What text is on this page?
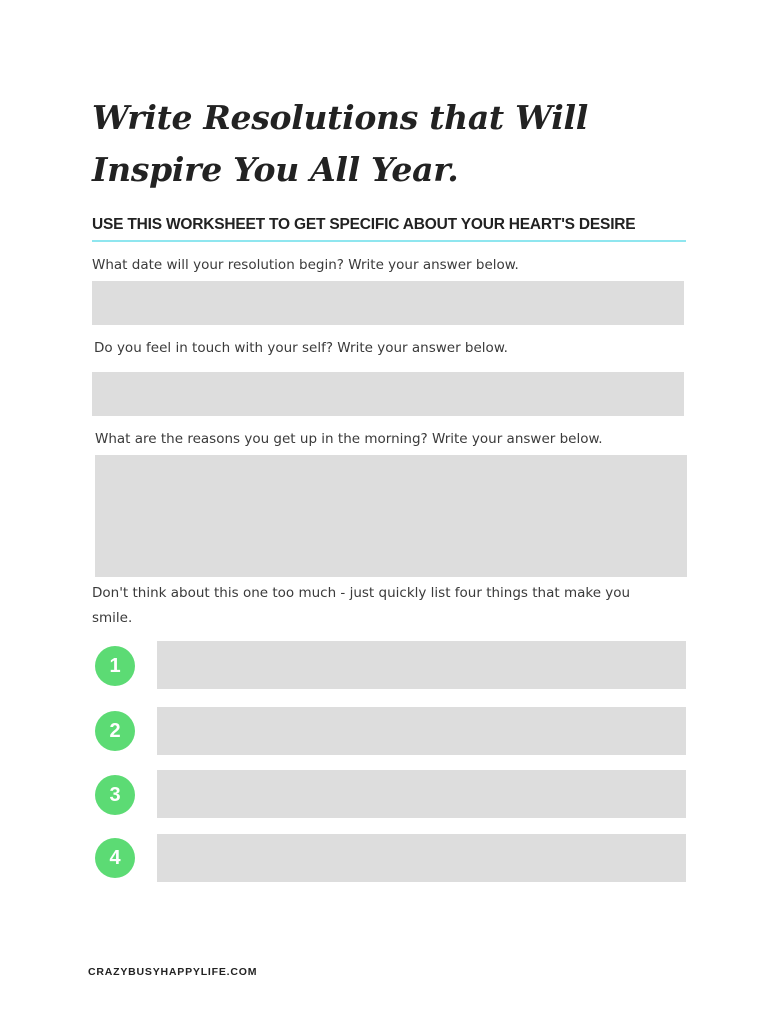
Write Resolutions that Will Inspire You All Year.
USE THIS WORKSHEET TO GET SPECIFIC ABOUT YOUR HEART'S DESIRE

What date will your resolution begin? Write your answer below.

Do you feel in touch with your self? Write your answer below.

What are the reasons you get up in the morning? Write your answer below.

Don't think about this one too much - just quickly list four things that make you smile.

1
2
3
4

CRAZYBUSYHAPPYLIFE.COM
